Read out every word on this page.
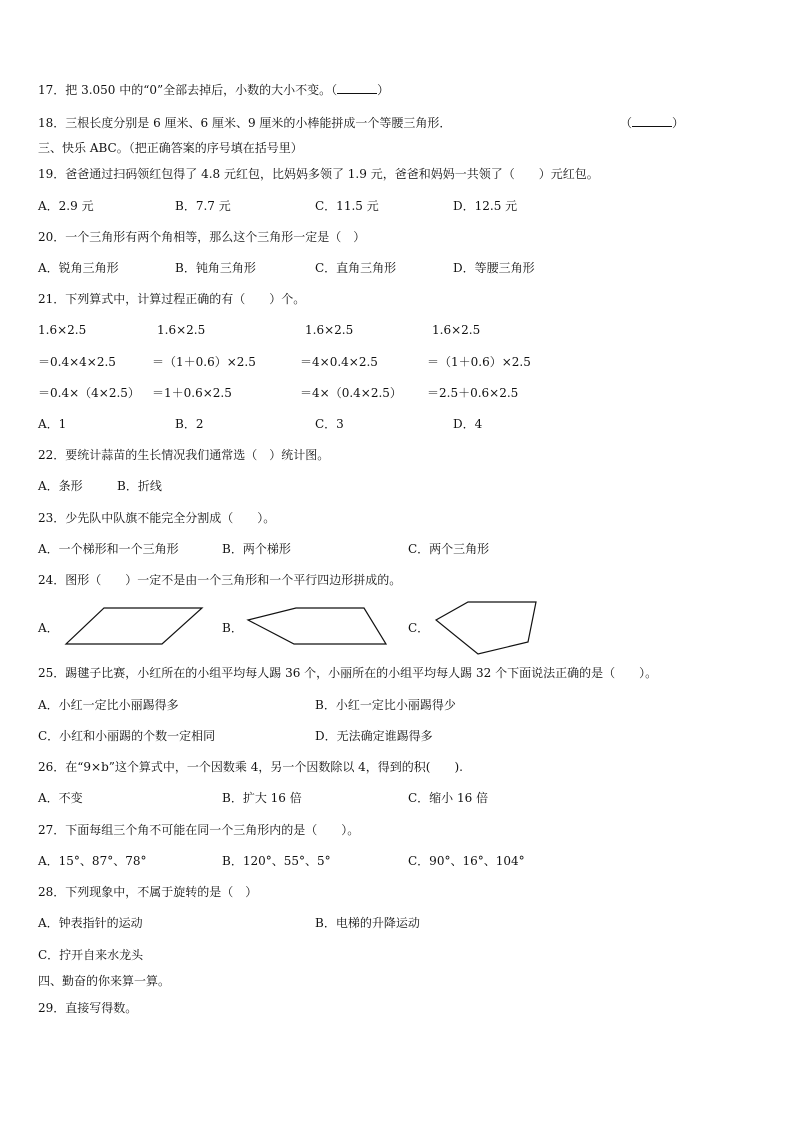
17．把 3.050 中的“0”全部去掉后，小数的大小不变。（	）
18．三根长度分别是 6 厘米、6 厘米、9 厘米的小棒能拼成一个等腰三角形．	（	）
三、快乐 ABC。（把正确答案的序号填在括号里）
19．爸爸通过扫码领红包得了 4.8 元红包，比妈妈多领了 1.9 元，爸爸和妈妈一共领了（　　）元红包。
A．2.9 元	B．7.7 元	C．11.5 元	D．12.5 元
20．一个三角形有两个角相等，那么这个三角形一定是（　）
A．锐角三角形	B．钝角三角形	C．直角三角形	D．等腰三角形
21．下列算式中，计算过程正确的有（　　）个。
1.6×2.5	1.6×2.5	1.6×2.5	1.6×2.5
＝0.4×4×2.5	＝（1＋0.6）×2.5	＝4×0.4×2.5	＝（1＋0.6）×2.5
＝0.4×（4×2.5） ＝1＋0.6×2.5	＝4×（0.4×2.5） ＝2.5＋0.6×2.5
A．1	B．2	C．3	D．4
22．要统计蒜苗的生长情况我们通常选（　）统计图。
A．条形	B．折线
23．少先队中队旗不能完全分割成（　　）。
A．一个梯形和一个三角形	B．两个梯形	C．两个三角形
24．图形（　　）一定不是由一个三角形和一个平行四边形拼成的。
A．	B．	C．
25．踢毽子比赛，小红所在的小组平均每人踢 36 个，小丽所在的小组平均每人踢 32 个下面说法正确的是（　　）。
A．小红一定比小丽踢得多	B．小红一定比小丽踢得少
C．小红和小丽踢的个数一定相同	D．无法确定谁踢得多
26．在“9×b”这个算式中，一个因数乘 4，另一个因数除以 4，得到的积(　　).
A．不变	B．扩大 16 倍	C．缩小 16 倍
27．下面每组三个角不可能在同一个三角形内的是（　　）。
A．15°、87°、78°	B．120°、55°、5°	C．90°、16°、104°
28．下列现象中，不属于旋转的是（　）
A．钟表指针的运动	B．电梯的升降运动
C．拧开自来水龙头
四、勤奋的你来算一算。
29．直接写得数。
